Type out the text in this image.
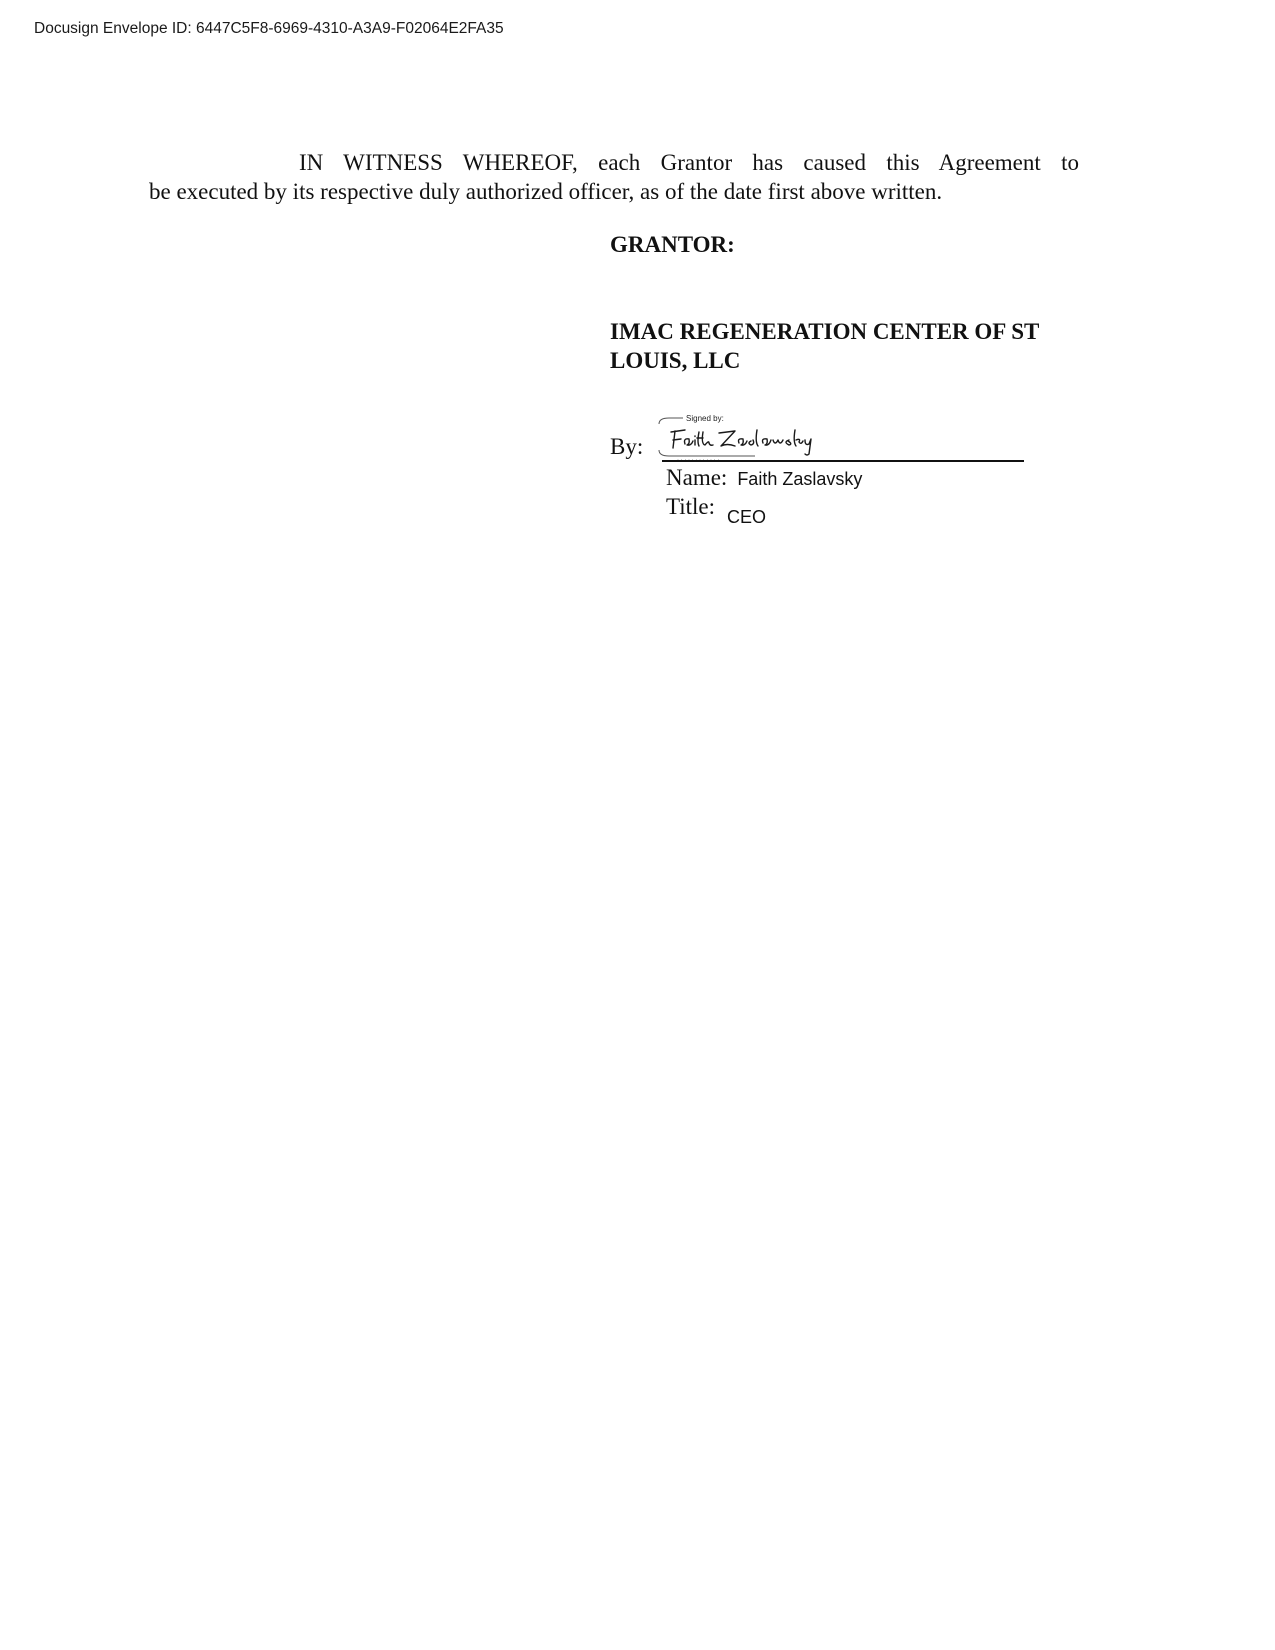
Docusign Envelope ID: 6447C5F8-6969-4310-A3A9-F02064E2FA35
IN WITNESS WHEREOF, each Grantor has caused this Agreement to
be executed by its respective duly authorized officer, as of the date first above written.
GRANTOR:
IMAC REGENERATION CENTER OF ST
LOUIS, LLC
By:
Signed by:
· · · · · · · · · · · ·
Name: Faith Zaslavsky
Title: CEO
